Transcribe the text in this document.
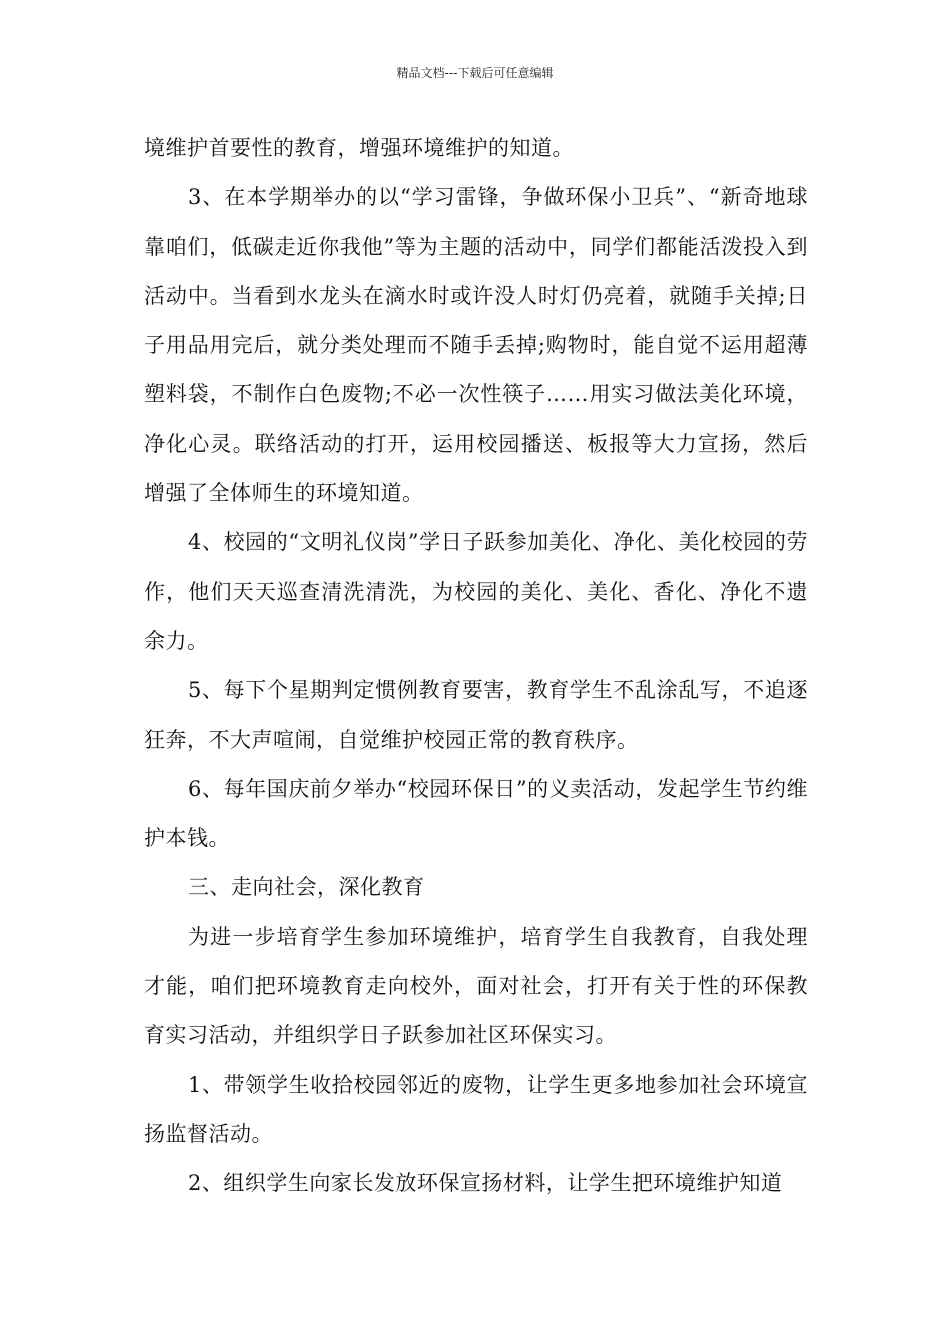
精品文档---下载后可任意编辑

境维护首要性的教育，增强环境维护的知道。

3、在本学期举办的以“学习雷锋，争做环保小卫兵”、“新奇地球靠咱们，低碳走近你我他”等为主题的活动中，同学们都能活泼投入到活动中。当看到水龙头在滴水时或许没人时灯仍亮着，就随手关掉;日子用品用完后，就分类处理而不随手丢掉;购物时，能自觉不运用超薄塑料袋，不制作白色废物;不必一次性筷子……用实习做法美化环境，净化心灵。联络活动的打开，运用校园播送、板报等大力宣扬，然后增强了全体师生的环境知道。

4、校园的“文明礼仪岗”学日子跃参加美化、净化、美化校园的劳作，他们天天巡查清洗清洗，为校园的美化、美化、香化、净化不遗余力。

5、每下个星期判定惯例教育要害，教育学生不乱涂乱写，不追逐狂奔，不大声喧闹，自觉维护校园正常的教育秩序。

6、每年国庆前夕举办“校园环保日”的义卖活动，发起学生节约维护本钱。

三、走向社会，深化教育

为进一步培育学生参加环境维护，培育学生自我教育，自我处理才能，咱们把环境教育走向校外，面对社会，打开有关于性的环保教育实习活动，并组织学日子跃参加社区环保实习。

1、带领学生收拾校园邻近的废物，让学生更多地参加社会环境宣扬监督活动。

2、组织学生向家长发放环保宣扬材料，让学生把环境维护知道
